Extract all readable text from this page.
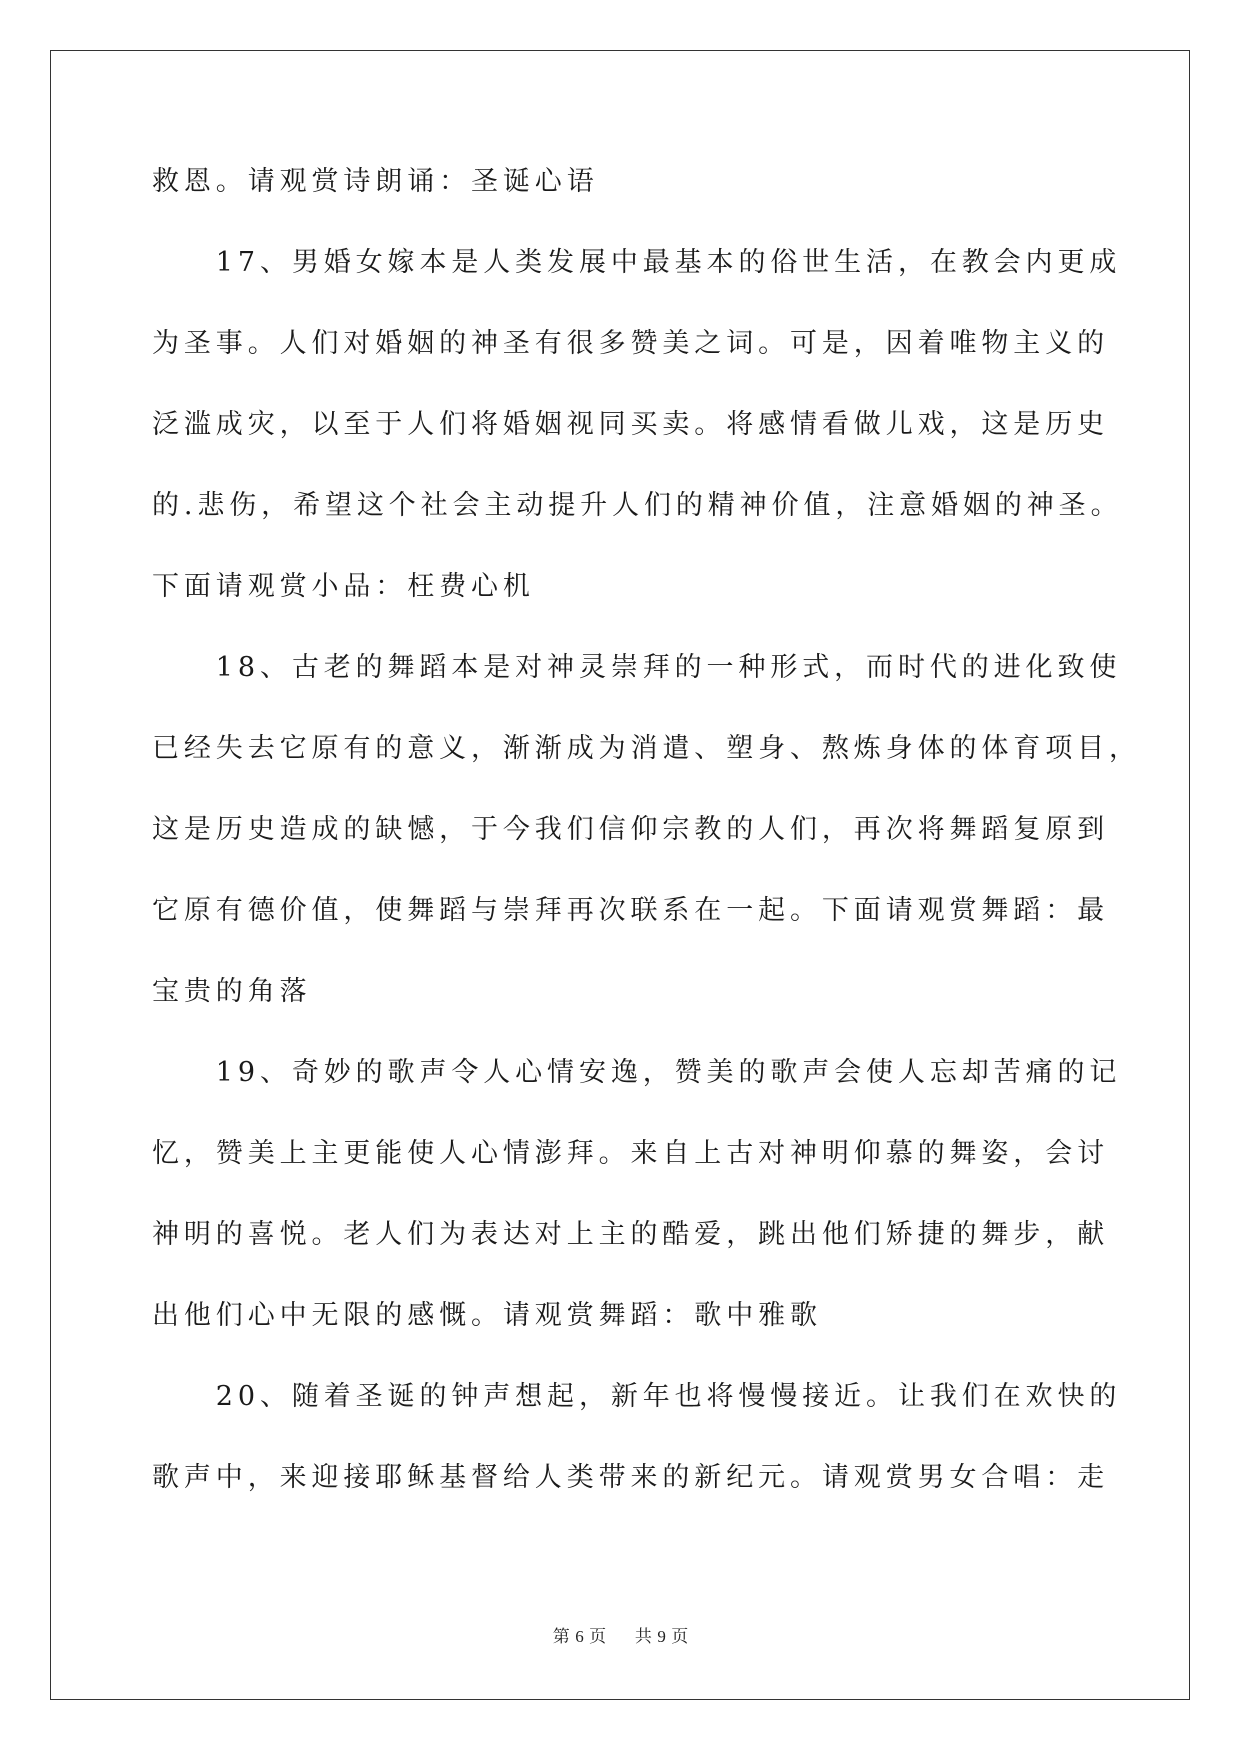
救恩。请观赏诗朗诵：圣诞心语
　　17、男婚女嫁本是人类发展中最基本的俗世生活，在教会内更成
为圣事。人们对婚姻的神圣有很多赞美之词。可是，因着唯物主义的
泛滥成灾，以至于人们将婚姻视同买卖。将感情看做儿戏，这是历史
的.悲伤，希望这个社会主动提升人们的精神价值，注意婚姻的神圣。
下面请观赏小品：枉费心机
　　18、古老的舞蹈本是对神灵崇拜的一种形式，而时代的进化致使
已经失去它原有的意义，渐渐成为消遣、塑身、熬炼身体的体育项目，
这是历史造成的缺憾，于今我们信仰宗教的人们，再次将舞蹈复原到
它原有德价值，使舞蹈与崇拜再次联系在一起。下面请观赏舞蹈：最
宝贵的角落
　　19、奇妙的歌声令人心情安逸，赞美的歌声会使人忘却苦痛的记
忆，赞美上主更能使人心情澎拜。来自上古对神明仰慕的舞姿，会讨
神明的喜悦。老人们为表达对上主的酷爱，跳出他们矫捷的舞步，献
出他们心中无限的感慨。请观赏舞蹈：歌中雅歌
　　20、随着圣诞的钟声想起，新年也将慢慢接近。让我们在欢快的
歌声中，来迎接耶稣基督给人类带来的新纪元。请观赏男女合唱：走
第 6 页 共 9 页
